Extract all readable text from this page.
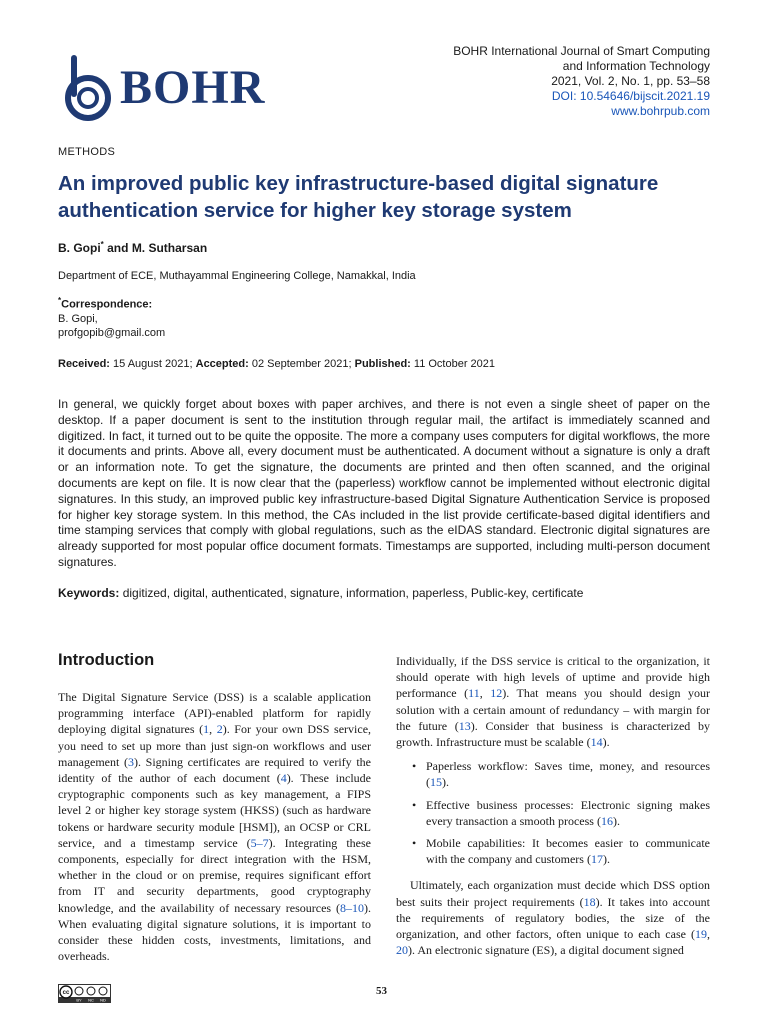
BOHR
BOHR International Journal of Smart Computing
and Information Technology
2021, Vol. 2, No. 1, pp. 53–58
DOI: 10.54646/bijscit.2021.19
www.bohrpub.com
METHODS
An improved public key infrastructure-based digital signature authentication service for higher key storage system
B. Gopi* and M. Sutharsan
Department of ECE, Muthayammal Engineering College, Namakkal, India
*Correspondence:
B. Gopi,
profgopib@gmail.com
Received: 15 August 2021; Accepted: 02 September 2021; Published: 11 October 2021
In general, we quickly forget about boxes with paper archives, and there is not even a single sheet of paper on the desktop. If a paper document is sent to the institution through regular mail, the artifact is immediately scanned and digitized. In fact, it turned out to be quite the opposite. The more a company uses computers for digital workflows, the more it documents and prints. Above all, every document must be authenticated. A document without a signature is only a draft or an information note. To get the signature, the documents are printed and then often scanned, and the original documents are kept on file. It is now clear that the (paperless) workflow cannot be implemented without electronic digital signatures. In this study, an improved public key infrastructure-based Digital Signature Authentication Service is proposed for higher key storage system. In this method, the CAs included in the list provide certificate-based digital identifiers and time stamping services that comply with global regulations, such as the eIDAS standard. Electronic digital signatures are already supported for most popular office document formats. Timestamps are supported, including multi-person document signatures.
Keywords: digitized, digital, authenticated, signature, information, paperless, Public-key, certificate
Introduction
The Digital Signature Service (DSS) is a scalable application programming interface (API)-enabled platform for rapidly deploying digital signatures (1, 2). For your own DSS service, you need to set up more than just sign-on workflows and user management (3). Signing certificates are required to verify the identity of the author of each document (4). These include cryptographic components such as key management, a FIPS level 2 or higher key storage system (HKSS) (such as hardware tokens or hardware security module [HSM]), an OCSP or CRL service, and a timestamp service (5–7). Integrating these components, especially for direct integration with the HSM, whether in the cloud or on premise, requires significant effort from IT and security departments, good cryptography knowledge, and the availability of necessary resources (8–10). When evaluating digital signature solutions, it is important to consider these hidden costs, investments, limitations, and overheads.
Individually, if the DSS service is critical to the organization, it should operate with high levels of uptime and provide high performance (11, 12). That means you should design your solution with a certain amount of redundancy – with margin for the future (13). Consider that business is characterized by growth. Infrastructure must be scalable (14).
• Paperless workflow: Saves time, money, and resources (15).
• Effective business processes: Electronic signing makes every transaction a smooth process (16).
• Mobile capabilities: It becomes easier to communicate with the company and customers (17).
Ultimately, each organization must decide which DSS option best suits their project requirements (18). It takes into account the requirements of regulatory bodies, the size of the organization, and other factors, often unique to each case (19, 20). An electronic signature (ES), a digital document signed
cc
BY NC ND
53
